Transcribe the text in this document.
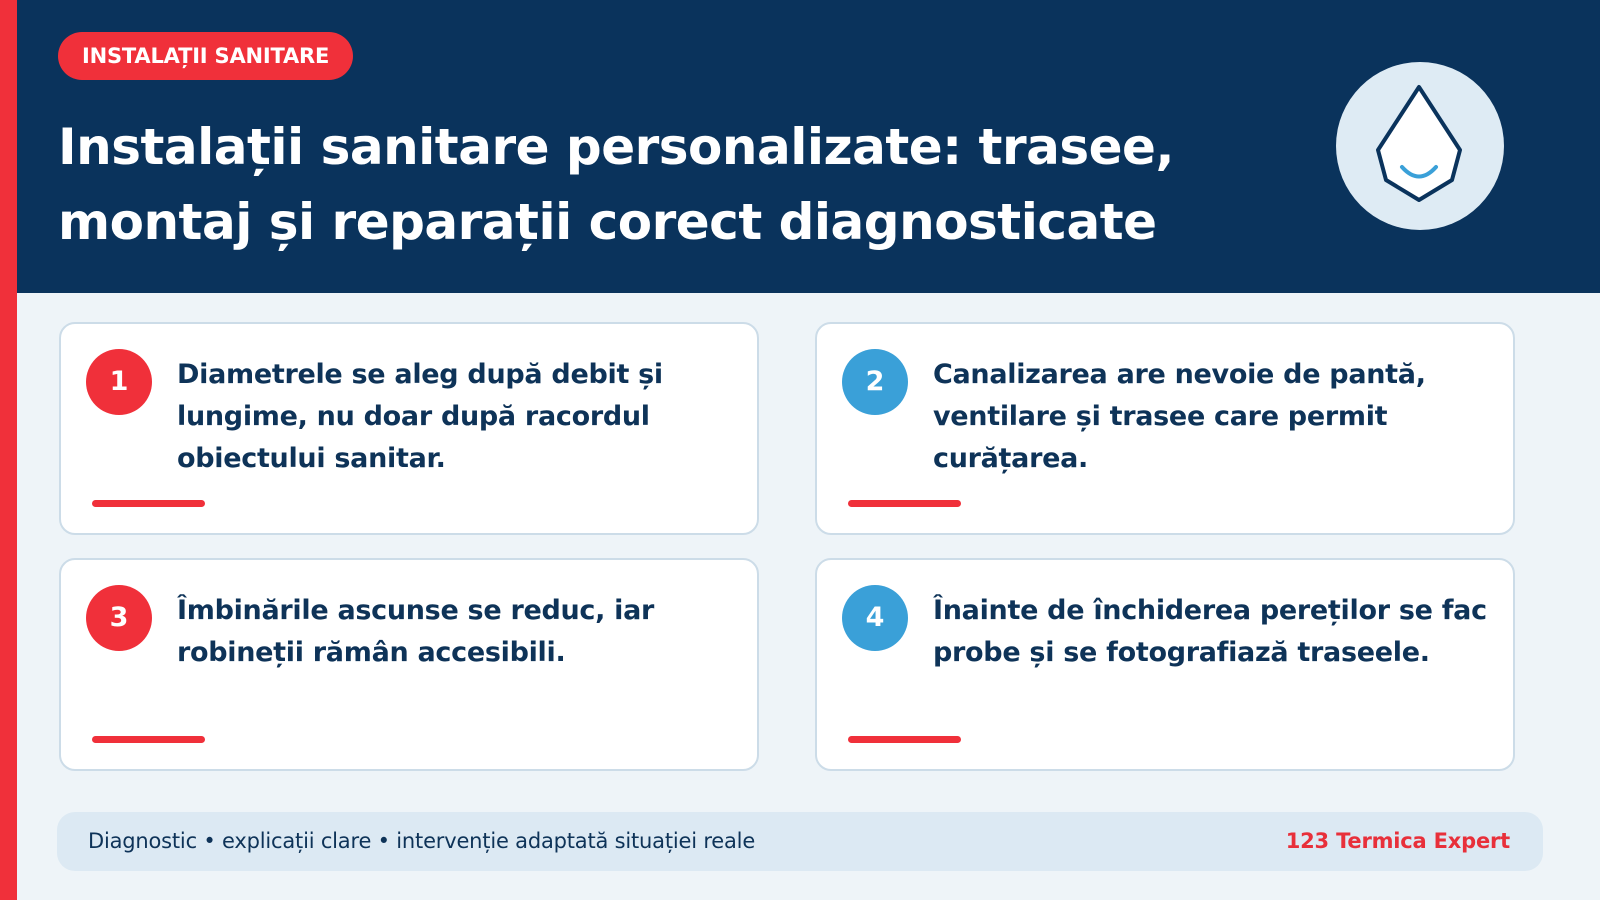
INSTALAȚII SANITARE
Instalații sanitare personalizate: trasee,
montaj și reparații corect diagnosticate
1	Diametrele se aleg după debit și lungime, nu doar după racordul obiectului sanitar.
2	Canalizarea are nevoie de pantă, ventilare și trasee care permit curățarea.
3	Îmbinările ascunse se reduc, iar robineții rămân accesibili.
4	Înainte de închiderea pereților se fac probe și se fotografiază traseele.
Diagnostic • explicații clare • intervenție adaptată situației reale	123 Termica Expert
